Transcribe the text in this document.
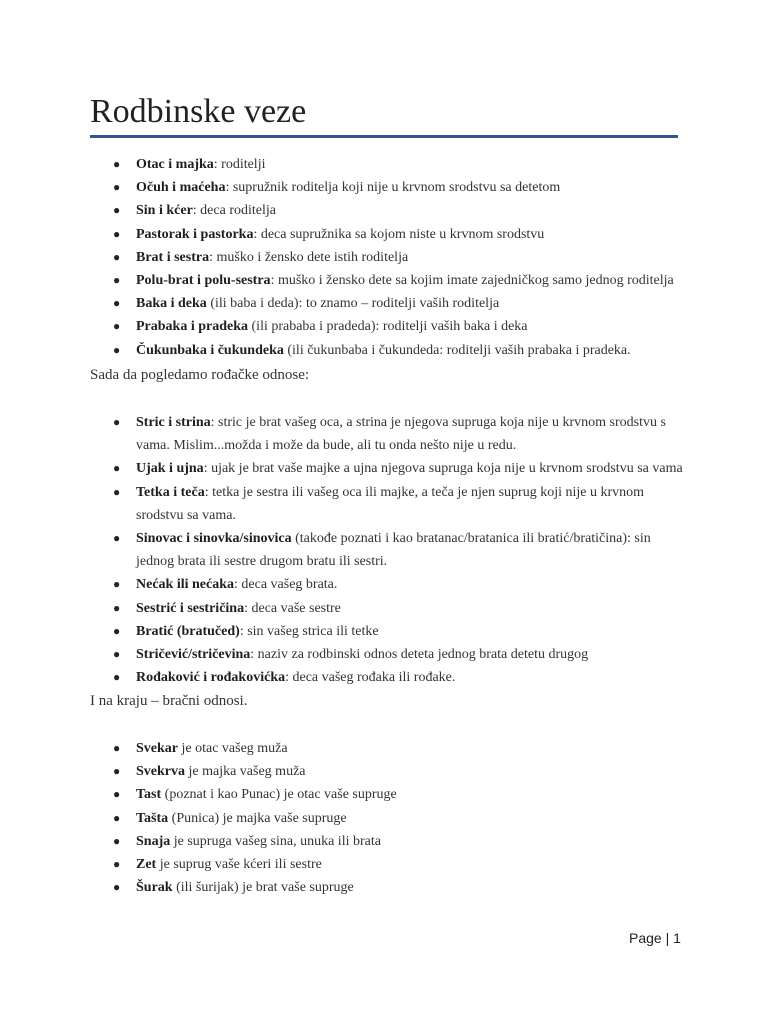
Rodbinske veze
● Otac i majka: roditelji
● Očuh i maćeha: supružnik roditelja koji nije u krvnom srodstvu sa detetom
● Sin i kćer: deca roditelja
● Pastorak i pastorka: deca supružnika sa kojom niste u krvnom srodstvu
● Brat i sestra: muško i žensko dete istih roditelja
● Polu-brat i polu-sestra: muško i žensko dete sa kojim imate zajedničkog samo jednog roditelja
● Baka i deka (ili baba i deda): to znamo – roditelji vaših roditelja
● Prabaka i pradeka (ili prababa i pradeda): roditelji vaših baka i deka
● Čukunbaka i čukundeka (ili čukunbaba i čukundeda: roditelji vaših prabaka i pradeka.

Sada da pogledamo rođačke odnose:

● Stric i strina: stric je brat vašeg oca, a strina je njegova supruga koja nije u krvnom srodstvu s vama. Mislim...možda i može da bude, ali tu onda nešto nije u redu.
● Ujak i ujna: ujak je brat vaše majke a ujna njegova supruga koja nije u krvnom srodstvu sa vama
● Tetka i teča: tetka je sestra ili vašeg oca ili majke, a teča je njen suprug koji nije u krvnom srodstvu sa vama.
● Sinovac i sinovka/sinovica (takođe poznati i kao bratanac/bratanica ili bratić/bratičina): sin jednog brata ili sestre drugom bratu ili sestri.
● Nećak ili nećaka: deca vašeg brata.
● Sestrić i sestričina: deca vaše sestre
● Bratić (bratučed): sin vašeg strica ili tetke
● Stričević/stričevina: naziv za rodbinski odnos deteta jednog brata detetu drugog
● Rođaković i rođakovićka: deca vašeg rođaka ili rođake.

I na kraju – bračni odnosi.

● Svekar je otac vašeg muža
● Svekrva je majka vašeg muža
● Tast (poznat i kao Punac) je otac vaše supruge
● Tašta (Punica) je majka vaše supruge
● Snaja je supruga vašeg sina, unuka ili brata
● Zet je suprug vaše kćeri ili sestre
● Šurak (ili šurijak) je brat vaše supruge
Page | 1
